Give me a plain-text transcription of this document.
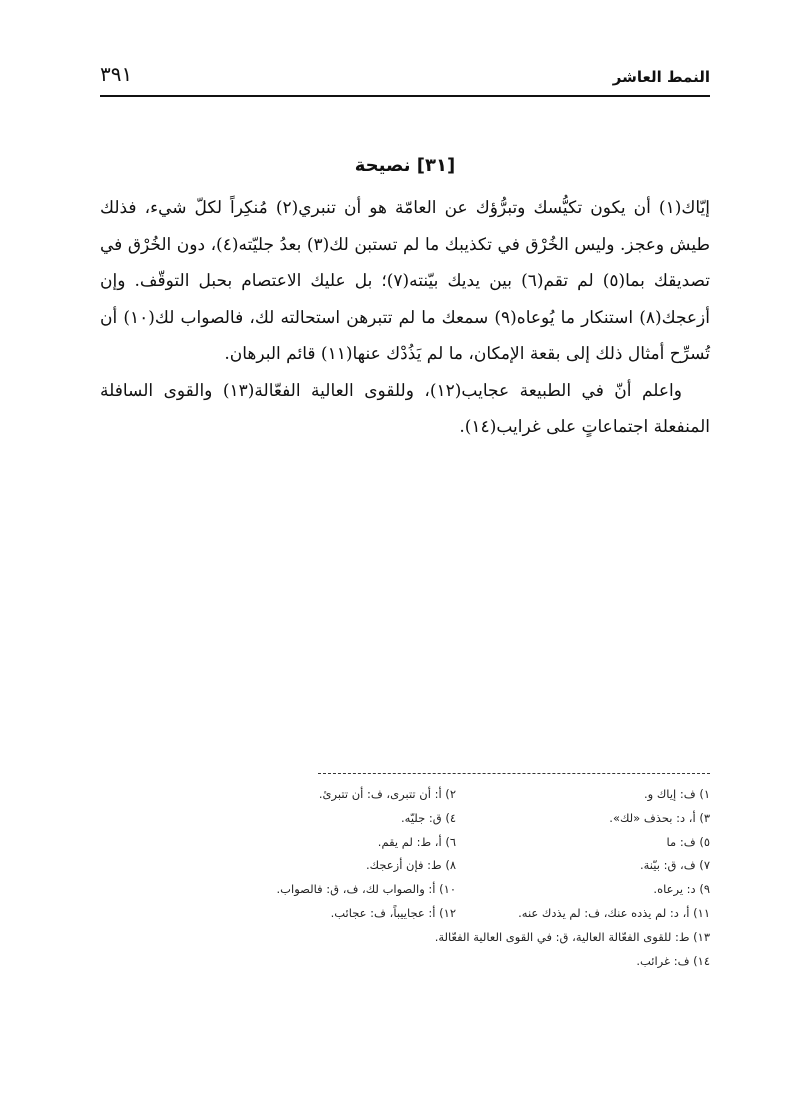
النمط العاشر
٣٩١
[٣١] نصيحة

إيّاك(١) أن يكون تكيُّسك وتبرُّؤك عن العامّة هو أن تنبري(٢) مُنكِراً لكلّ شيء، فذلك طيش وعجز. وليس الخُرْق في تكذيبك ما لم تستبن لك(٣) بعدُ جليّته(٤)، دون الخُرْق في تصديقك بما(٥) لم تقم(٦) بين يديك بيّنته(٧)؛ بل عليك الاعتصام بحبل التوقّف. وإن أزعجك(٨) استنكار ما يُوعاه(٩) سمعك ما لم تتبرهن استحالته لك، فالصواب لك(١٠) أن تُسرِّح أمثال ذلك إلى بقعة الإمكان، ما لم يَذُدْك عنها(١١) قائم البرهان.

واعلم أنّ في الطبيعة عجايب(١٢)، وللقوى العالية الفعّالة(١٣) والقوى السافلة المنفعلة اجتماعاتٍ على غرايب(١٤).

١) ف: إياك و.
٢) أ: أن تتبرى، ف: أن تتبرئ.
٣) أ، د: بحذف «لك».
٤) ق: جليّه.
٥) ف: ما
٦) أ، ط: لم يقم.
٧) ف، ق: بيّنة.
٨) ط: فإن أزعجك.
٩) د: يرعاه.
١٠) أ: والصواب لك، ف، ق: فالصواب.
١١) أ، د: لم يذده عنك، ف: لم يذدك عنه.
١٢) أ: عجاييباً، ف: عجائب.
١٣) ط: للقوى الفعّالة العالية، ق: في القوى العالية الفعّالة.
١٤) ف: غرائب.
